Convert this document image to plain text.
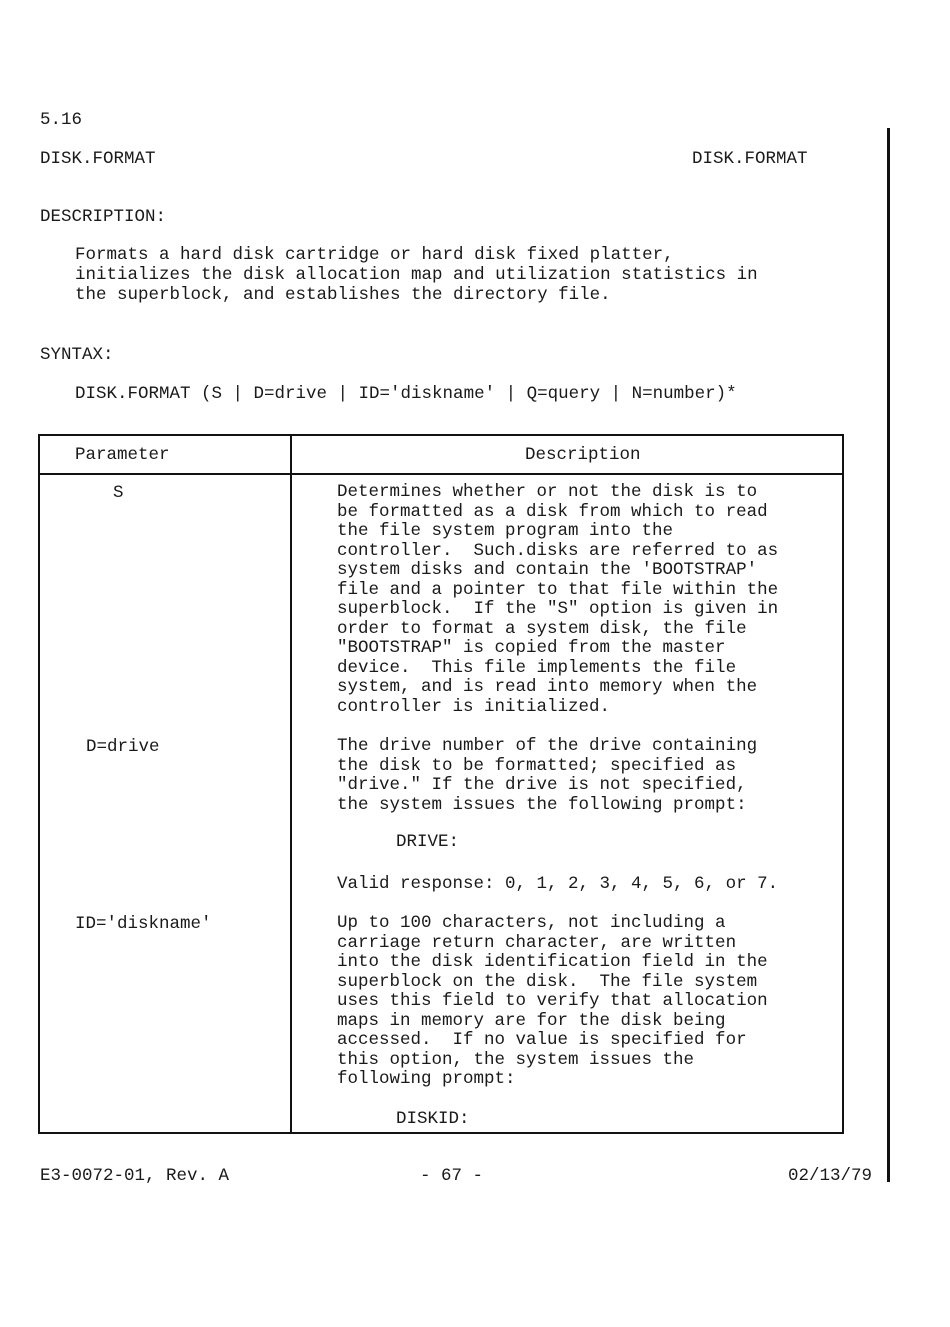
5.16
DISK.FORMAT	DISK.FORMAT
DESCRIPTION:
Formats a hard disk cartridge or hard disk fixed platter,
initializes the disk allocation map and utilization statistics in
the superblock, and establishes the directory file.
SYNTAX:
DISK.FORMAT (S | D=drive | ID='diskname' | Q=query | N=number)*
Parameter	Description
S	Determines whether or not the disk is to
be formatted as a disk from which to read
the file system program into the
controller.  Such.disks are referred to as
system disks and contain the 'BOOTSTRAP'
file and a pointer to that file within the
superblock.  If the "S" option is given in
order to format a system disk, the file
"BOOTSTRAP" is copied from the master
device.  This file implements the file
system, and is read into memory when the
controller is initialized.
D=drive	The drive number of the drive containing
the disk to be formatted; specified as
"drive." If the drive is not specified,
the system issues the following prompt:
DRIVE:
Valid response: 0, 1, 2, 3, 4, 5, 6, or 7.
ID='diskname'	Up to 100 characters, not including a
carriage return character, are written
into the disk identification field in the
superblock on the disk.  The file system
uses this field to verify that allocation
maps in memory are for the disk being
accessed.  If no value is specified for
this option, the system issues the
following prompt:
DISKID:
E3-0072-01, Rev. A	- 67 -	02/13/79
